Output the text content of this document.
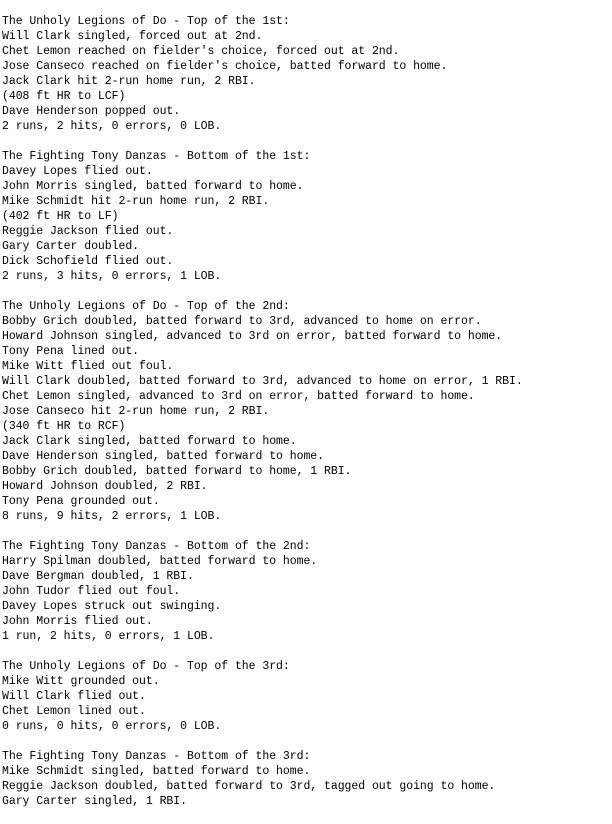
The Unholy Legions of Do - Top of the 1st:
Will Clark singled, forced out at 2nd.
Chet Lemon reached on fielder's choice, forced out at 2nd.
Jose Canseco reached on fielder's choice, batted forward to home.
Jack Clark hit 2-run home run, 2 RBI.
(408 ft HR to LCF)
Dave Henderson popped out.
2 runs, 2 hits, 0 errors, 0 LOB.
The Fighting Tony Danzas - Bottom of the 1st:
Davey Lopes flied out.
John Morris singled, batted forward to home.
Mike Schmidt hit 2-run home run, 2 RBI.
(402 ft HR to LF)
Reggie Jackson flied out.
Gary Carter doubled.
Dick Schofield flied out.
2 runs, 3 hits, 0 errors, 1 LOB.
The Unholy Legions of Do - Top of the 2nd:
Bobby Grich doubled, batted forward to 3rd, advanced to home on error.
Howard Johnson singled, advanced to 3rd on error, batted forward to home.
Tony Pena lined out.
Mike Witt flied out foul.
Will Clark doubled, batted forward to 3rd, advanced to home on error, 1 RBI.
Chet Lemon singled, advanced to 3rd on error, batted forward to home.
Jose Canseco hit 2-run home run, 2 RBI.
(340 ft HR to RCF)
Jack Clark singled, batted forward to home.
Dave Henderson singled, batted forward to home.
Bobby Grich doubled, batted forward to home, 1 RBI.
Howard Johnson doubled, 2 RBI.
Tony Pena grounded out.
8 runs, 9 hits, 2 errors, 1 LOB.
The Fighting Tony Danzas - Bottom of the 2nd:
Harry Spilman doubled, batted forward to home.
Dave Bergman doubled, 1 RBI.
John Tudor flied out foul.
Davey Lopes struck out swinging.
John Morris flied out.
1 run, 2 hits, 0 errors, 1 LOB.
The Unholy Legions of Do - Top of the 3rd:
Mike Witt grounded out.
Will Clark flied out.
Chet Lemon lined out.
0 runs, 0 hits, 0 errors, 0 LOB.
The Fighting Tony Danzas - Bottom of the 3rd:
Mike Schmidt singled, batted forward to home.
Reggie Jackson doubled, batted forward to 3rd, tagged out going to home.
Gary Carter singled, 1 RBI.
